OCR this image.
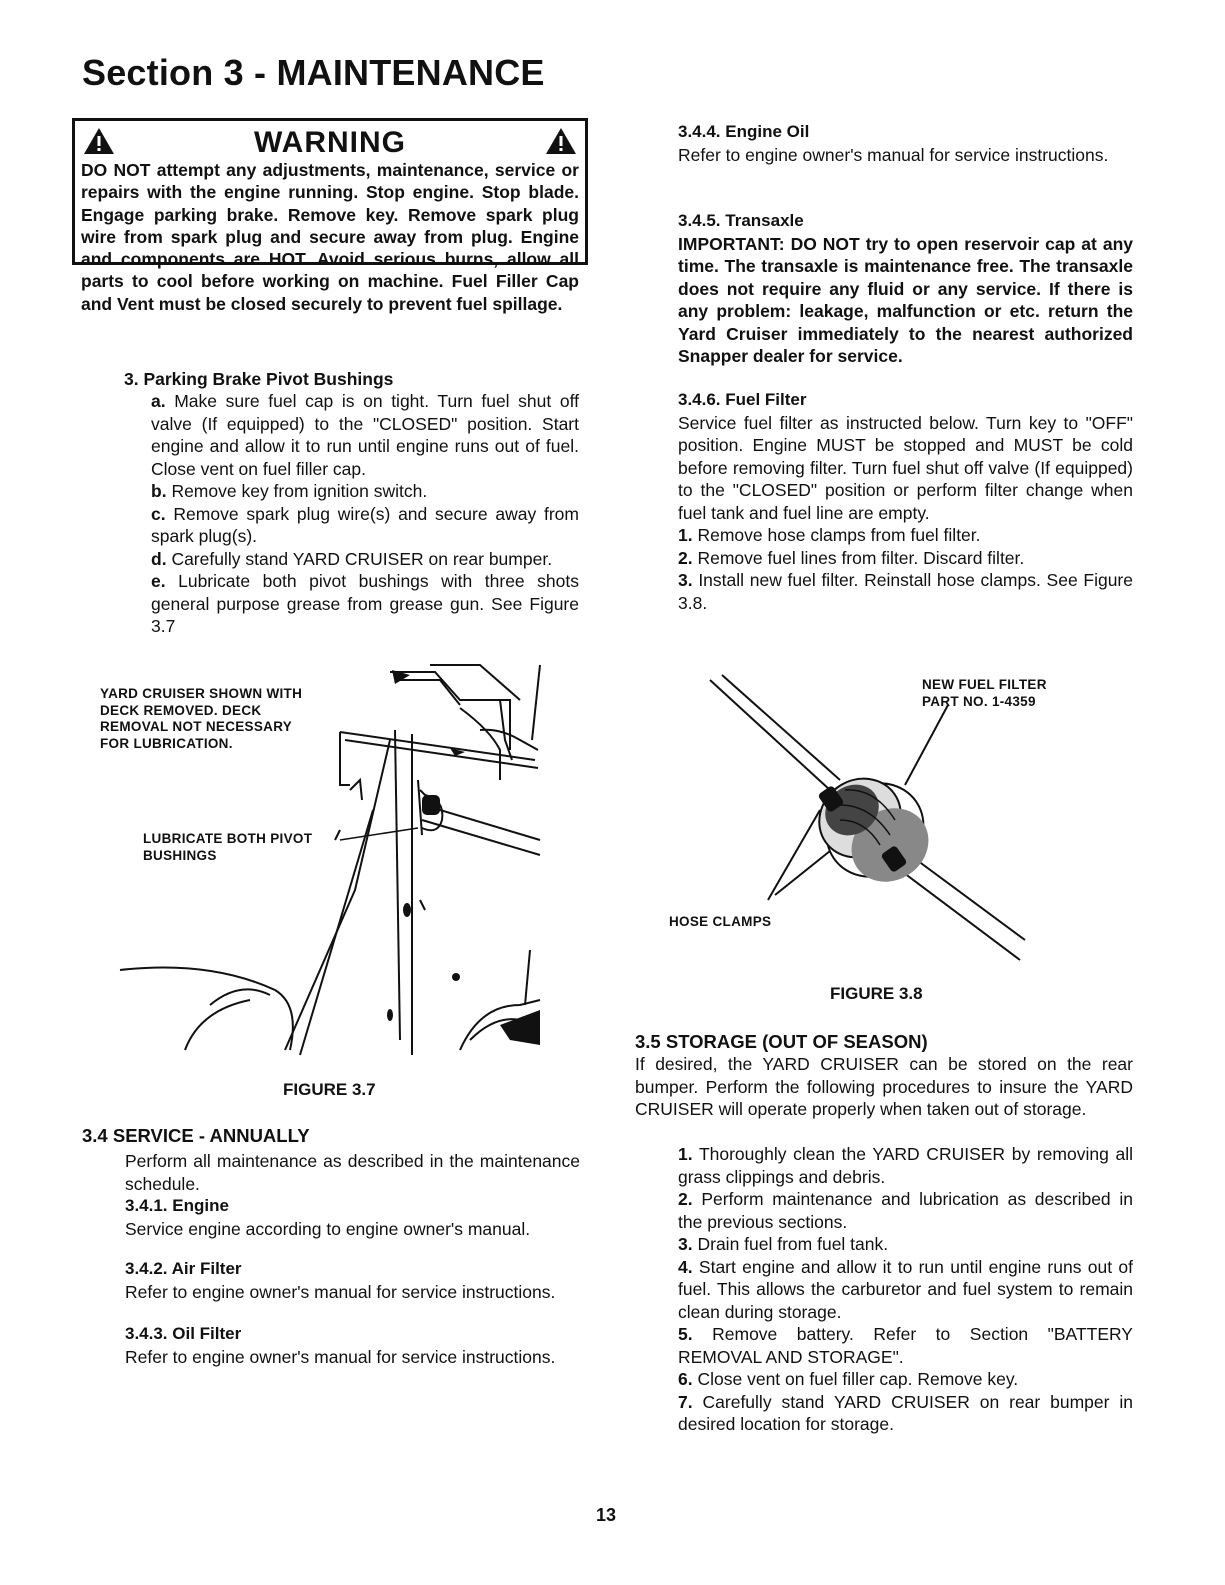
Section 3 - MAINTENANCE
WARNING

DO NOT attempt any adjustments, maintenance, service or repairs with the engine running. Stop engine. Stop blade. Engage parking brake. Remove key. Remove spark plug wire from spark plug and secure away from plug. Engine and components are HOT. Avoid serious burns, allow all parts to cool before working on machine. Fuel Filler Cap and Vent must be closed securely to prevent fuel spillage.

3. Parking Brake Pivot Bushings

a. Make sure fuel cap is on tight. Turn fuel shut off valve (If equipped) to the "CLOSED" position. Start engine and allow it to run until engine runs out of fuel. Close vent on fuel filler cap.

b. Remove key from ignition switch.

c. Remove spark plug wire(s) and secure away from spark plug(s).

d. Carefully stand YARD CRUISER on rear bumper.

e. Lubricate both pivot bushings with three shots general purpose grease from grease gun. See Figure 3.7

YARD CRUISER SHOWN WITH
DECK REMOVED. DECK
REMOVAL NOT NECESSARY
FOR LUBRICATION.
LUBRICATE BOTH PIVOT
BUSHINGS
FIGURE 3.7
3.4 SERVICE - ANNUALLY

Perform all maintenance as described in the maintenance schedule.

3.4.1. Engine

Service engine according to engine owner's manual.

3.4.2. Air Filter

Refer to engine owner's manual for service instructions.

3.4.3. Oil Filter

Refer to engine owner's manual for service instructions.

3.4.4. Engine Oil

Refer to engine owner's manual for service instructions.

3.4.5. Transaxle

IMPORTANT: DO NOT try to open reservoir cap at any time. The transaxle is maintenance free. The transaxle does not require any fluid or any service. If there is any problem: leakage, malfunction or etc. return the Yard Cruiser immediately to the nearest authorized Snapper dealer for service.

3.4.6. Fuel Filter

Service fuel filter as instructed below. Turn key to "OFF" position. Engine MUST be stopped and MUST be cold before removing filter. Turn fuel shut off valve (If equipped) to the "CLOSED" position or perform filter change when fuel tank and fuel line are empty.

1. Remove hose clamps from fuel filter.

2. Remove fuel lines from filter. Discard filter.

3. Install new fuel filter. Reinstall hose clamps. See Figure 3.8.

NEW FUEL FILTER
PART NO. 1-4359
HOSE CLAMPS
FIGURE 3.8
3.5 STORAGE (OUT OF SEASON)
If desired, the YARD CRUISER can be stored on the rear bumper. Perform the following procedures to insure the YARD CRUISER will operate properly when taken out of storage.

1. Thoroughly clean the YARD CRUISER by removing all grass clippings and debris.

2. Perform maintenance and lubrication as described in the previous sections.

3. Drain fuel from fuel tank.

4. Start engine and allow it to run until engine runs out of fuel. This allows the carburetor and fuel system to remain clean during storage.

5. Remove battery. Refer to Section "BATTERY REMOVAL AND STORAGE".

6. Close vent on fuel filler cap. Remove key.

7. Carefully stand YARD CRUISER on rear bumper in desired location for storage.

13
